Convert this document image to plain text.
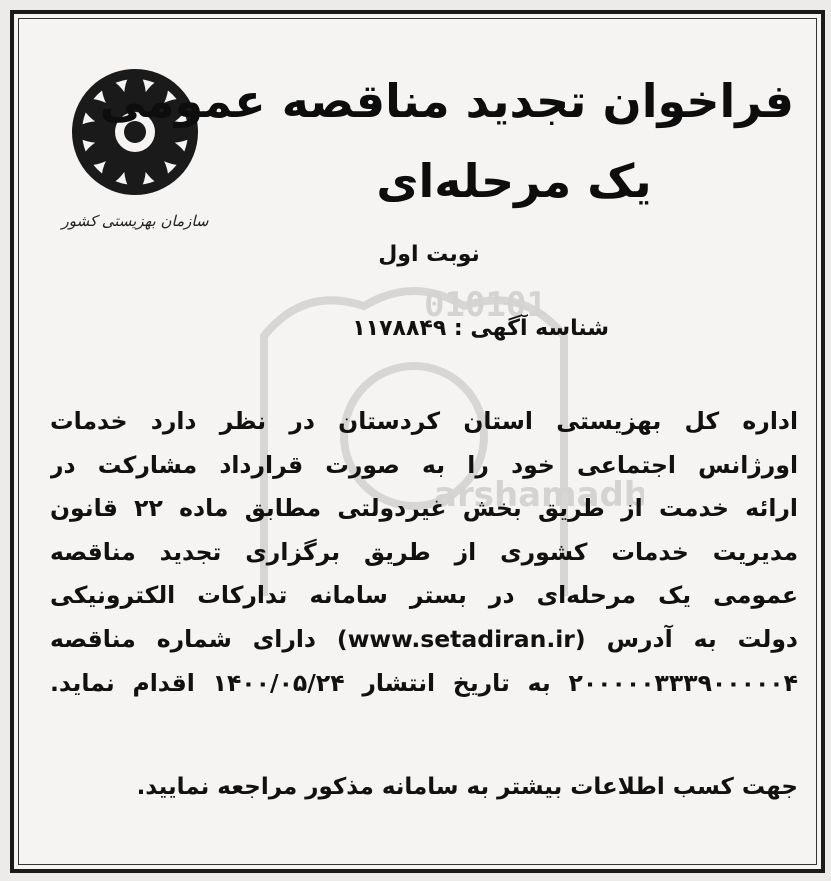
سازمان بهزیستی کشور
010101
arshamadb
فراخوان تجدید مناقصه عمومی
یک مرحله‌ای
نوبت اول
شناسه آگهی : ۱۱۷۸۸۴۹
اداره کل بهزیستی استان کردستان در نظر دارد خدمات
اورژانس اجتماعی خود را به صورت قرارداد مشارکت در
ارائه خدمت از طریق بخش غیردولتی مطابق ماده ۲۲ قانون
مدیریت خدمات کشوری از طریق برگزاری تجدید مناقصه
عمومی یک مرحله‌ای در بستر سامانه تدارکات الکترونیکی
دولت به آدرس (www.setadiran.ir) دارای شماره مناقصه
۲۰۰۰۰۰۳۳۳۹۰۰۰۰۰۴ به تاریخ انتشار ۱۴۰۰/۰۵/۲۴ اقدام نماید.
جهت کسب اطلاعات بیشتر به سامانه مذکور مراجعه نمایید.
